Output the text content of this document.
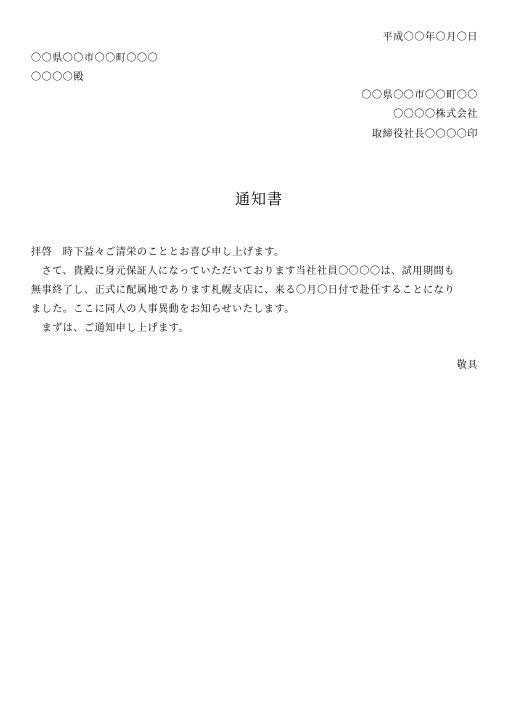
平成〇〇年〇月〇日
〇〇県〇〇市〇〇町〇〇〇
〇〇〇〇殿
〇〇県〇〇市〇〇町〇〇
〇〇〇〇株式会社
取締役社長〇〇〇〇印
通知書

拝啓　時下益々ご清栄のこととお喜び申し上げます。

　さて、貴殿に身元保証人になっていただいております当社社員〇〇〇〇は、試用期間も

無事終了し、正式に配属地であります札幌支店に、来る〇月〇日付で赴任することになり

ました。ここに同人の人事異動をお知らせいたします。

　まずは、ご通知申し上げます。

敬具
